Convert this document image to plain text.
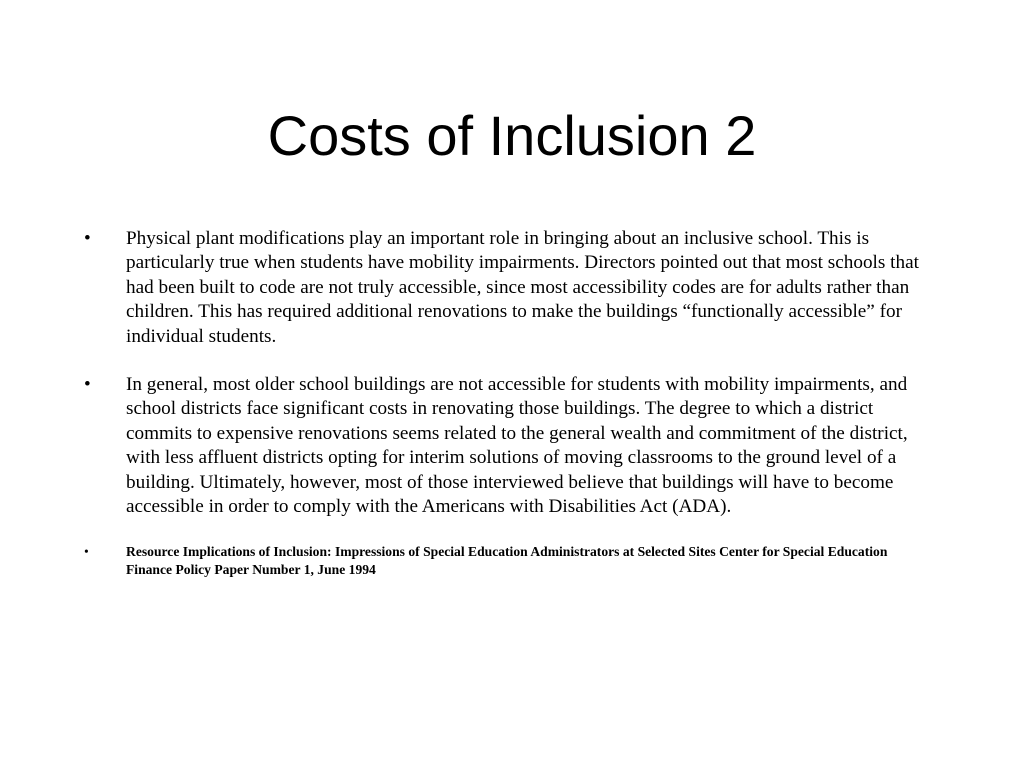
Costs of Inclusion 2
• Physical plant modifications play an important role in bringing about an inclusive school. This is particularly true when students have mobility impairments. Directors pointed out that most schools that had been built to code are not truly accessible, since most accessibility codes are for adults rather than children. This has required additional renovations to make the buildings “functionally accessible” for individual students.
• In general, most older school buildings are not accessible for students with mobility impairments, and school districts face significant costs in renovating those buildings. The degree to which a district commits to expensive renovations seems related to the general wealth and commitment of the district, with less affluent districts opting for interim solutions of moving classrooms to the ground level of a building. Ultimately, however, most of those interviewed believe that buildings will have to become accessible in order to comply with the Americans with Disabilities Act (ADA).
•	Resource Implications of Inclusion: Impressions of Special Education Administrators at Selected Sites Center for Special Education Finance Policy Paper Number 1, June 1994
